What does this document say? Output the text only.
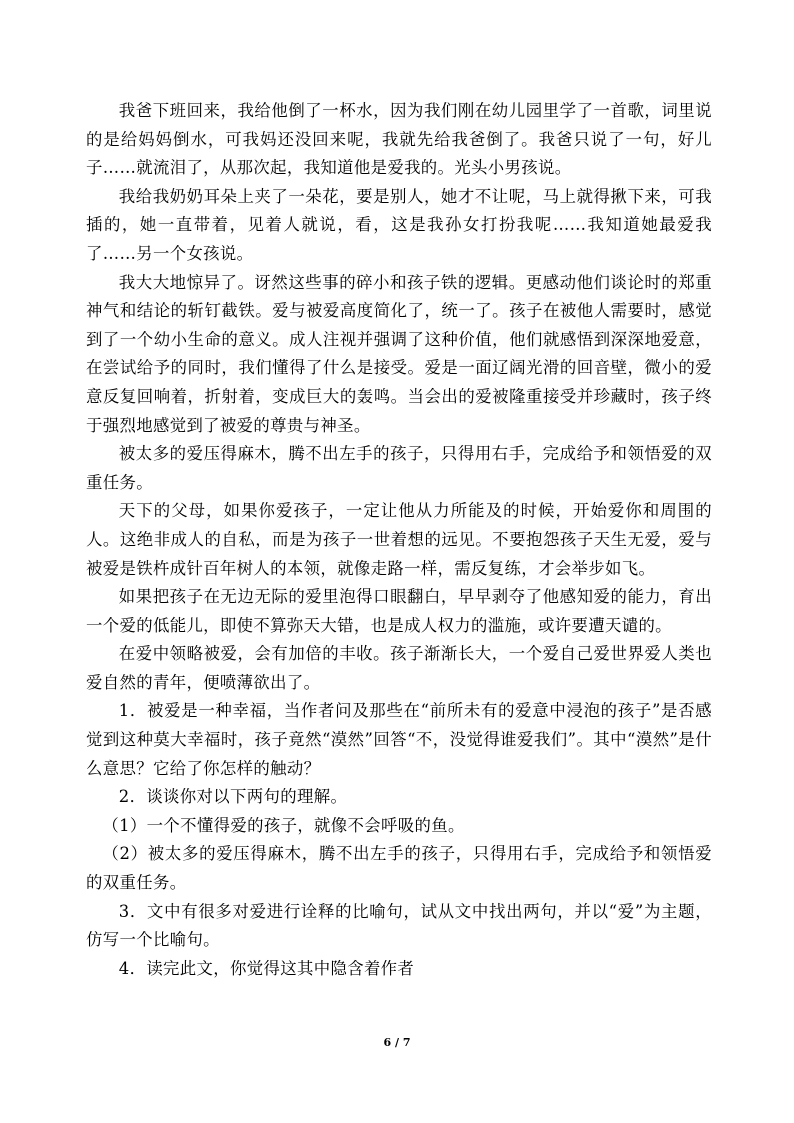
我爸下班回来，我给他倒了一杯水，因为我们刚在幼儿园里学了一首歌，词里说的是给妈妈倒水，可我妈还没回来呢，我就先给我爸倒了。我爸只说了一句，好儿子……就流泪了，从那次起，我知道他是爱我的。光头小男孩说。

我给我奶奶耳朵上夹了一朵花，要是别人，她才不让呢，马上就得揪下来，可我插的，她一直带着，见着人就说，看，这是我孙女打扮我呢……我知道她最爱我了……另一个女孩说。

我大大地惊异了。讶然这些事的碎小和孩子铁的逻辑。更感动他们谈论时的郑重神气和结论的斩钉截铁。爱与被爱高度简化了，统一了。孩子在被他人需要时，感觉到了一个幼小生命的意义。成人注视并强调了这种价值，他们就感悟到深深地爱意，在尝试给予的同时，我们懂得了什么是接受。爱是一面辽阔光滑的回音壁，微小的爱意反复回响着，折射着，变成巨大的轰鸣。当会出的爱被隆重接受并珍藏时，孩子终于强烈地感觉到了被爱的尊贵与神圣。

被太多的爱压得麻木，腾不出左手的孩子，只得用右手，完成给予和领悟爱的双重任务。

天下的父母，如果你爱孩子，一定让他从力所能及的时候，开始爱你和周围的人。这绝非成人的自私，而是为孩子一世着想的远见。不要抱怨孩子天生无爱，爱与被爱是铁杵成针百年树人的本领，就像走路一样，需反复练，才会举步如飞。

如果把孩子在无边无际的爱里泡得口眼翻白，早早剥夺了他感知爱的能力，育出一个爱的低能儿，即使不算弥天大错，也是成人权力的滥施，或许要遭天谴的。

在爱中领略被爱，会有加倍的丰收。孩子渐渐长大，一个爱自己爱世界爱人类也爱自然的青年，便喷薄欲出了。

1．被爱是一种幸福，当作者问及那些在“前所未有的爱意中浸泡的孩子”是否感觉到这种莫大幸福时，孩子竟然“漠然”回答“不，没觉得谁爱我们”。其中“漠然”是什么意思？它给了你怎样的触动？

2．谈谈你对以下两句的理解。

（1）一个不懂得爱的孩子，就像不会呼吸的鱼。

（2）被太多的爱压得麻木，腾不出左手的孩子，只得用右手，完成给予和领悟爱的双重任务。

3．文中有很多对爱进行诠释的比喻句，试从文中找出两句，并以“爱”为主题，仿写一个比喻句。

4．读完此文，你觉得这其中隐含着作者

6 / 7
